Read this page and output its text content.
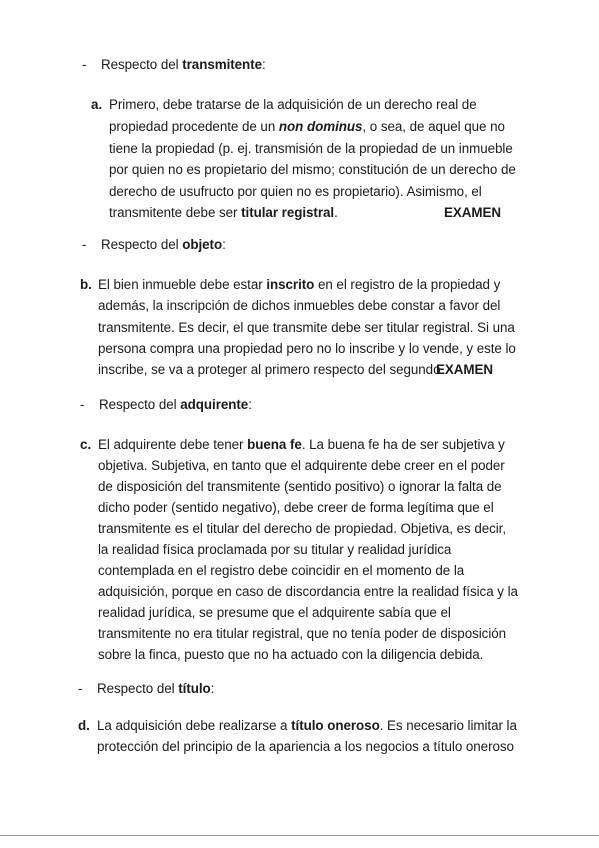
- Respecto del transmitente:
a. Primero, debe tratarse de la adquisición de un derecho real de
propiedad procedente de un non dominus, o sea, de aquel que no
tiene la propiedad (p. ej. transmisión de la propiedad de un inmueble
por quien no es propietario del mismo; constitución de un derecho de
derecho de usufructo por quien no es propietario). Asimismo, el
transmitente debe ser titular registral.	EXAMEN
- Respecto del objeto:
b. El bien inmueble debe estar inscrito en el registro de la propiedad y
además, la inscripción de dichos inmuebles debe constar a favor del
transmitente. Es decir, el que transmite debe ser titular registral. Si una
persona compra una propiedad pero no lo inscribe y lo vende, y este lo
inscribe, se va a proteger al primero respecto del segundo.
EXAMEN
- Respecto del adquirente:
c. El adquirente debe tener buena fe. La buena fe ha de ser subjetiva y
objetiva. Subjetiva, en tanto que el adquirente debe creer en el poder
de disposición del transmitente (sentido positivo) o ignorar la falta de
dicho poder (sentido negativo), debe creer de forma legítima que el
transmitente es el titular del derecho de propiedad. Objetiva, es decir,
la realidad física proclamada por su titular y realidad jurídica
contemplada en el registro debe coincidir en el momento de la
adquisición, porque en caso de discordancia entre la realidad física y la
realidad jurídica, se presume que el adquirente sabía que el
transmitente no era titular registral, que no tenía poder de disposición
sobre la finca, puesto que no ha actuado con la diligencia debida.
- Respecto del título:
d. La adquisición debe realizarse a título oneroso. Es necesario limitar la
protección del principio de la apariencia a los negocios a título oneroso
